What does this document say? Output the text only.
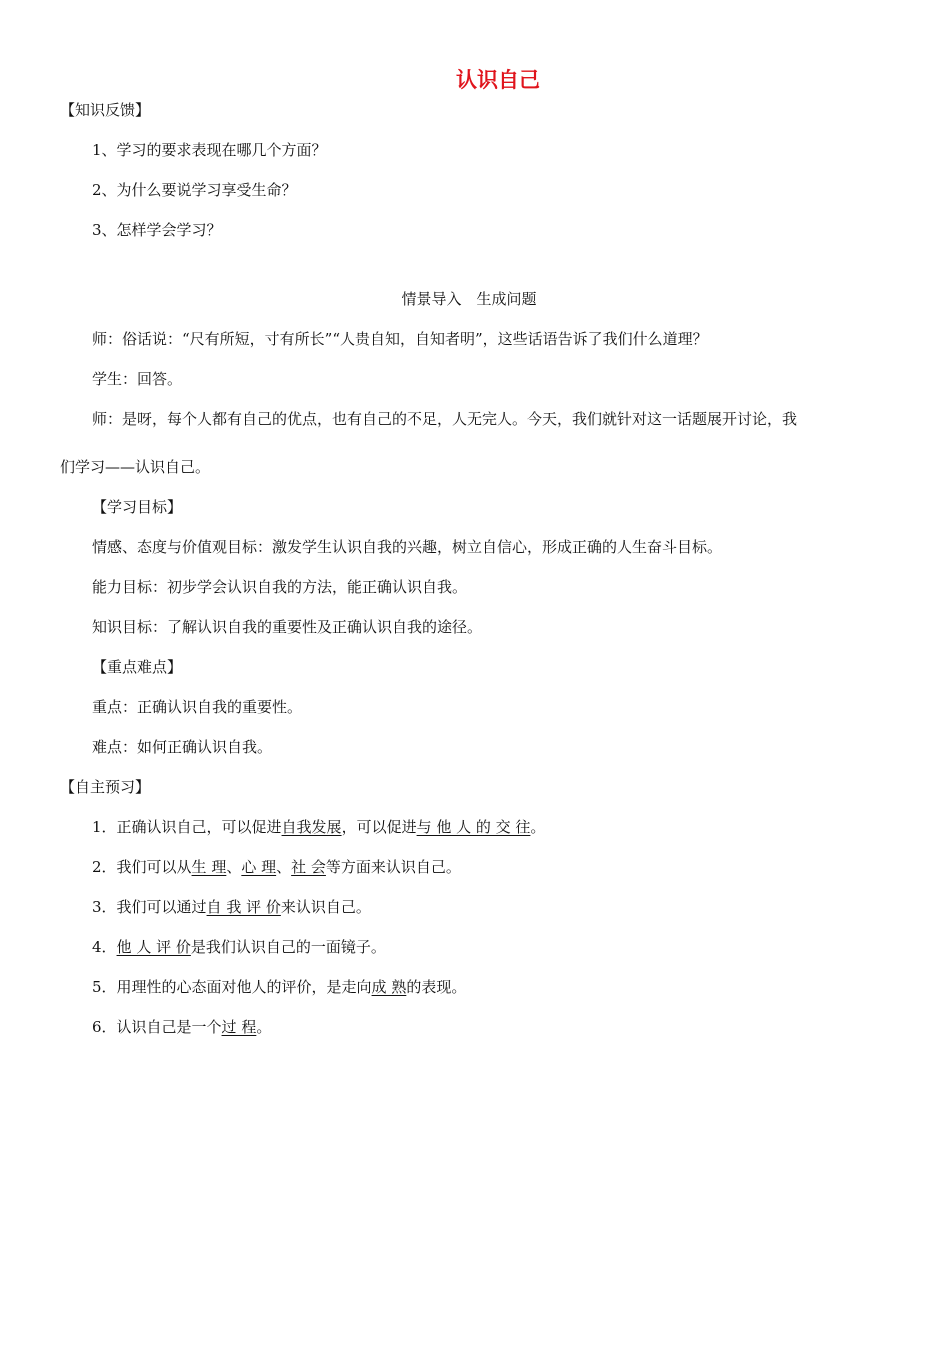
认识自己
【知识反馈】
1、学习的要求表现在哪几个方面？
2、为什么要说学习享受生命？
3、怎样学会学习？
情景导入　生成问题
师：俗话说：“尺有所短，寸有所长”“人贵自知，自知者明”，这些话语告诉了我们什么道理？
学生：回答。
师：是呀，每个人都有自己的优点，也有自己的不足，人无完人。今天，我们就针对这一话题展开讨论，我
们学习——认识自己。
【学习目标】
情感、态度与价值观目标：激发学生认识自我的兴趣，树立自信心，形成正确的人生奋斗目标。
能力目标：初步学会认识自我的方法，能正确认识自我。
知识目标：了解认识自我的重要性及正确认识自我的途径。
【重点难点】
重点：正确认识自我的重要性。
难点：如何正确认识自我。
【自主预习】
1．正确认识自己，可以促进自我发展，可以促进与 他 人 的 交 往。
2．我们可以从生 理、心 理、社 会等方面来认识自己。
3．我们可以通过自 我 评 价来认识自己。
4．他 人 评 价是我们认识自己的一面镜子。
5．用理性的心态面对他人的评价，是走向成 熟的表现。
6．认识自己是一个过 程。
